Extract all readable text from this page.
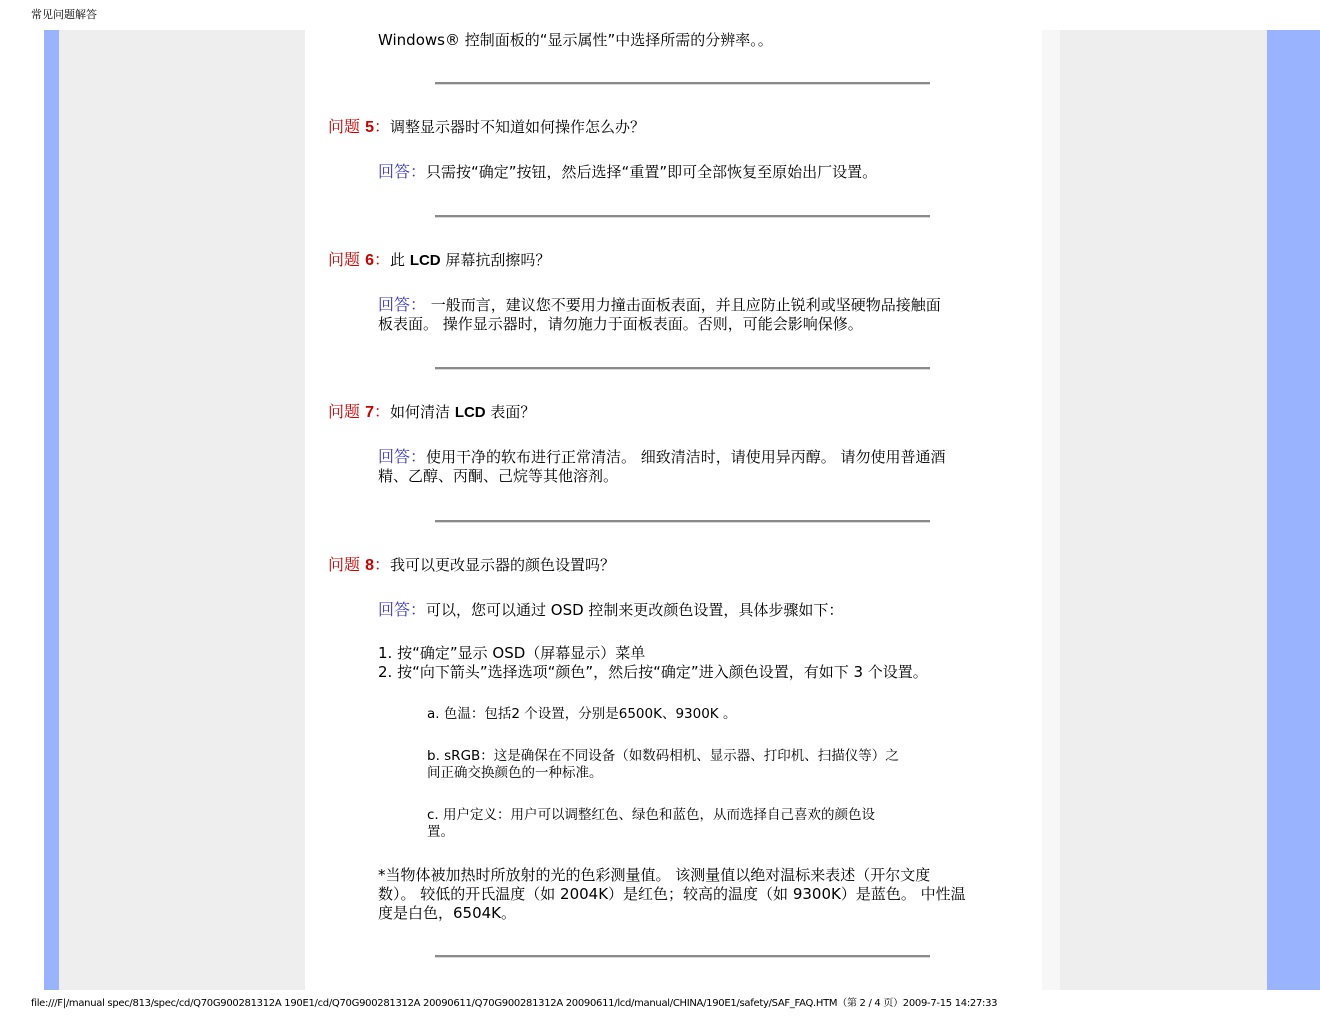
常见问题解答
Windows® 控制面板的“显示属性”中选择所需的分辨率。。
问题 5：调整显示器时不知道如何操作怎么办？
回答：只需按“确定”按钮，然后选择“重置”即可全部恢复至原始出厂设置。
问题 6：此 LCD 屏幕抗刮擦吗？
回答： 一般而言，建议您不要用力撞击面板表面，并且应防止锐利或坚硬物品接触面
板表面。 操作显示器时，请勿施力于面板表面。否则，可能会影响保修。
问题 7：如何清洁 LCD 表面？
回答：使用干净的软布进行正常清洁。 细致清洁时，请使用异丙醇。 请勿使用普通酒
精、乙醇、丙酮、己烷等其他溶剂。
问题 8：我可以更改显示器的颜色设置吗？
回答：可以，您可以通过 OSD 控制来更改颜色设置，具体步骤如下：
1. 按“确定”显示 OSD（屏幕显示）菜单
2. 按“向下箭头”选择选项“颜色”，然后按“确定”进入颜色设置，有如下 3 个设置。
a. 色温：包括2 个设置，分别是6500K、9300K 。
b. sRGB：这是确保在不同设备（如数码相机、显示器、打印机、扫描仪等）之
间正确交换颜色的一种标准。
c. 用户定义：用户可以调整红色、绿色和蓝色，从而选择自己喜欢的颜色设
置。
*当物体被加热时所放射的光的色彩测量值。 该测量值以绝对温标来表述（开尔文度
数）。 较低的开氏温度（如 2004K）是红色；较高的温度（如 9300K）是蓝色。 中性温
度是白色，6504K。
file:///F|/manual spec/813/spec/cd/Q70G900281312A 190E1/cd/Q70G900281312A 20090611/Q70G900281312A 20090611/lcd/manual/CHINA/190E1/safety/SAF_FAQ.HTM（第 2 / 4 页）2009-7-15 14:27:33
